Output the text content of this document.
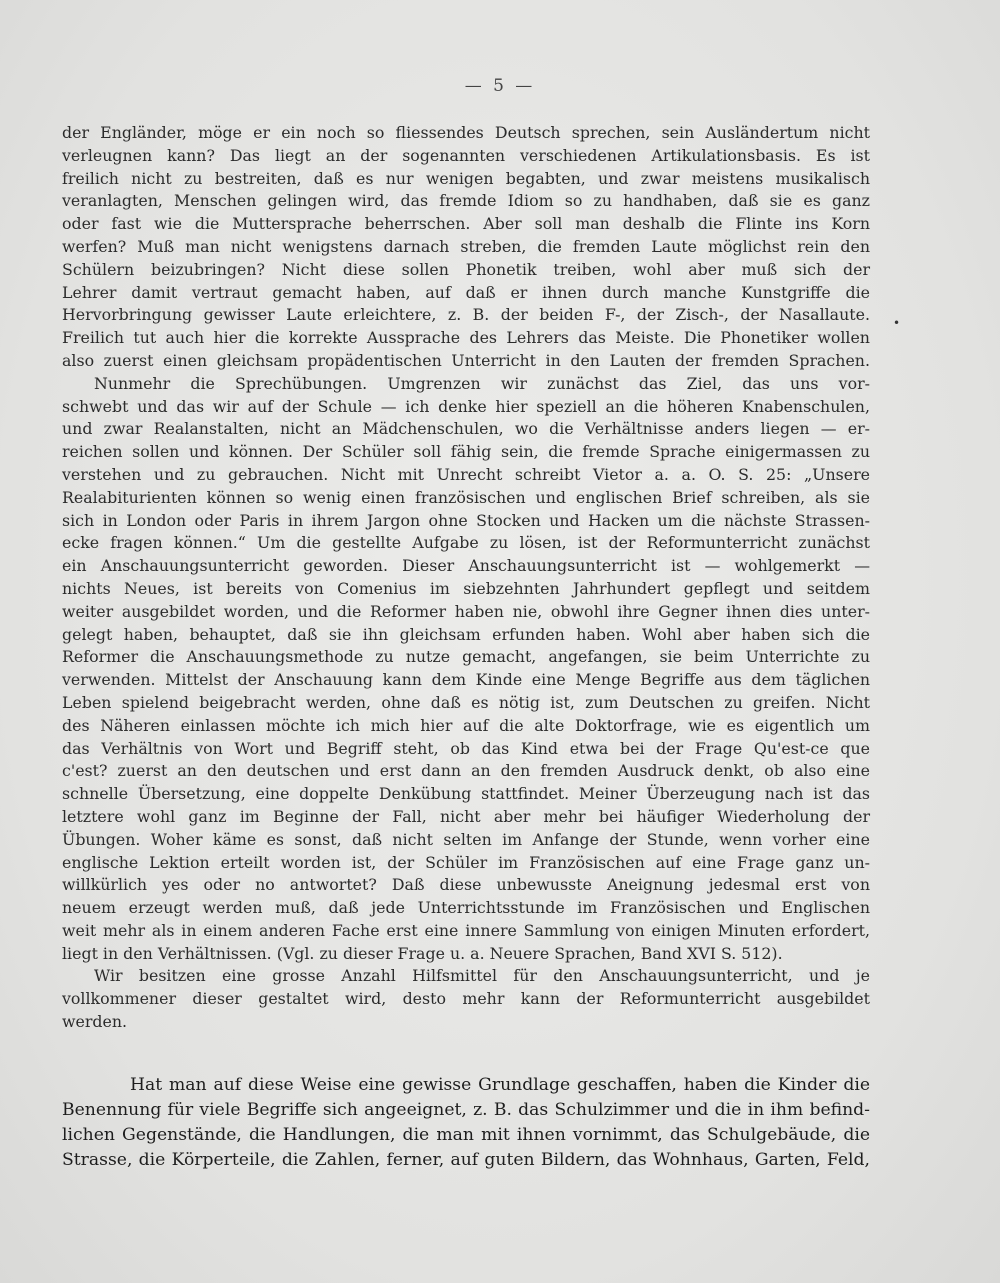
— 5 —
•
der Engländer, möge er ein noch so fliessendes Deutsch sprechen, sein Ausländertum nicht
verleugnen kann? Das liegt an der sogenannten verschiedenen Artikulationsbasis. Es ist
freilich nicht zu bestreiten, daß es nur wenigen begabten, und zwar meistens musikalisch
veranlagten, Menschen gelingen wird, das fremde Idiom so zu handhaben, daß sie es ganz
oder fast wie die Muttersprache beherrschen. Aber soll man deshalb die Flinte ins Korn
werfen? Muß man nicht wenigstens darnach streben, die fremden Laute möglichst rein den
Schülern beizubringen? Nicht diese sollen Phonetik treiben, wohl aber muß sich der
Lehrer damit vertraut gemacht haben, auf daß er ihnen durch manche Kunstgriffe die
Hervorbringung gewisser Laute erleichtere, z. B. der beiden F-, der Zisch-, der Nasallaute.
Freilich tut auch hier die korrekte Aussprache des Lehrers das Meiste. Die Phonetiker wollen
also zuerst einen gleichsam propädentischen Unterricht in den Lauten der fremden Sprachen.
Nunmehr die Sprechübungen. Umgrenzen wir zunächst das Ziel, das uns vor-
schwebt und das wir auf der Schule — ich denke hier speziell an die höheren Knabenschulen,
und zwar Realanstalten, nicht an Mädchenschulen, wo die Verhältnisse anders liegen — er-
reichen sollen und können. Der Schüler soll fähig sein, die fremde Sprache einigermassen zu
verstehen und zu gebrauchen. Nicht mit Unrecht schreibt Vietor a. a. O. S. 25: „Unsere
Realabiturienten können so wenig einen französischen und englischen Brief schreiben, als sie
sich in London oder Paris in ihrem Jargon ohne Stocken und Hacken um die nächste Strassen-
ecke fragen können.“ Um die gestellte Aufgabe zu lösen, ist der Reformunterricht zunächst
ein Anschauungsunterricht geworden. Dieser Anschauungsunterricht ist — wohlgemerkt —
nichts Neues, ist bereits von Comenius im siebzehnten Jahrhundert gepflegt und seitdem
weiter ausgebildet worden, und die Reformer haben nie, obwohl ihre Gegner ihnen dies unter-
gelegt haben, behauptet, daß sie ihn gleichsam erfunden haben. Wohl aber haben sich die
Reformer die Anschauungsmethode zu nutze gemacht, angefangen, sie beim Unterrichte zu
verwenden. Mittelst der Anschauung kann dem Kinde eine Menge Begriffe aus dem täglichen
Leben spielend beigebracht werden, ohne daß es nötig ist, zum Deutschen zu greifen. Nicht
des Näheren einlassen möchte ich mich hier auf die alte Doktorfrage, wie es eigentlich um
das Verhältnis von Wort und Begriff steht, ob das Kind etwa bei der Frage Qu'est-ce que
c'est? zuerst an den deutschen und erst dann an den fremden Ausdruck denkt, ob also eine
schnelle Übersetzung, eine doppelte Denkübung stattfindet. Meiner Überzeugung nach ist das
letztere wohl ganz im Beginne der Fall, nicht aber mehr bei häufiger Wiederholung der
Übungen. Woher käme es sonst, daß nicht selten im Anfange der Stunde, wenn vorher eine
englische Lektion erteilt worden ist, der Schüler im Französischen auf eine Frage ganz un-
willkürlich yes oder no antwortet? Daß diese unbewusste Aneignung jedesmal erst von
neuem erzeugt werden muß, daß jede Unterrichtsstunde im Französischen und Englischen
weit mehr als in einem anderen Fache erst eine innere Sammlung von einigen Minuten erfordert,
liegt in den Verhältnissen. (Vgl. zu dieser Frage u. a. Neuere Sprachen, Band XVI S. 512).
Wir besitzen eine grosse Anzahl Hilfsmittel für den Anschauungsunterricht, und je
vollkommener dieser gestaltet wird, desto mehr kann der Reformunterricht ausgebildet
werden.
Hat man auf diese Weise eine gewisse Grundlage geschaffen, haben die Kinder die
Benennung für viele Begriffe sich angeeignet, z. B. das Schulzimmer und die in ihm befind-
lichen Gegenstände, die Handlungen, die man mit ihnen vornimmt, das Schulgebäude, die
Strasse, die Körperteile, die Zahlen, ferner, auf guten Bildern, das Wohnhaus, Garten, Feld,
